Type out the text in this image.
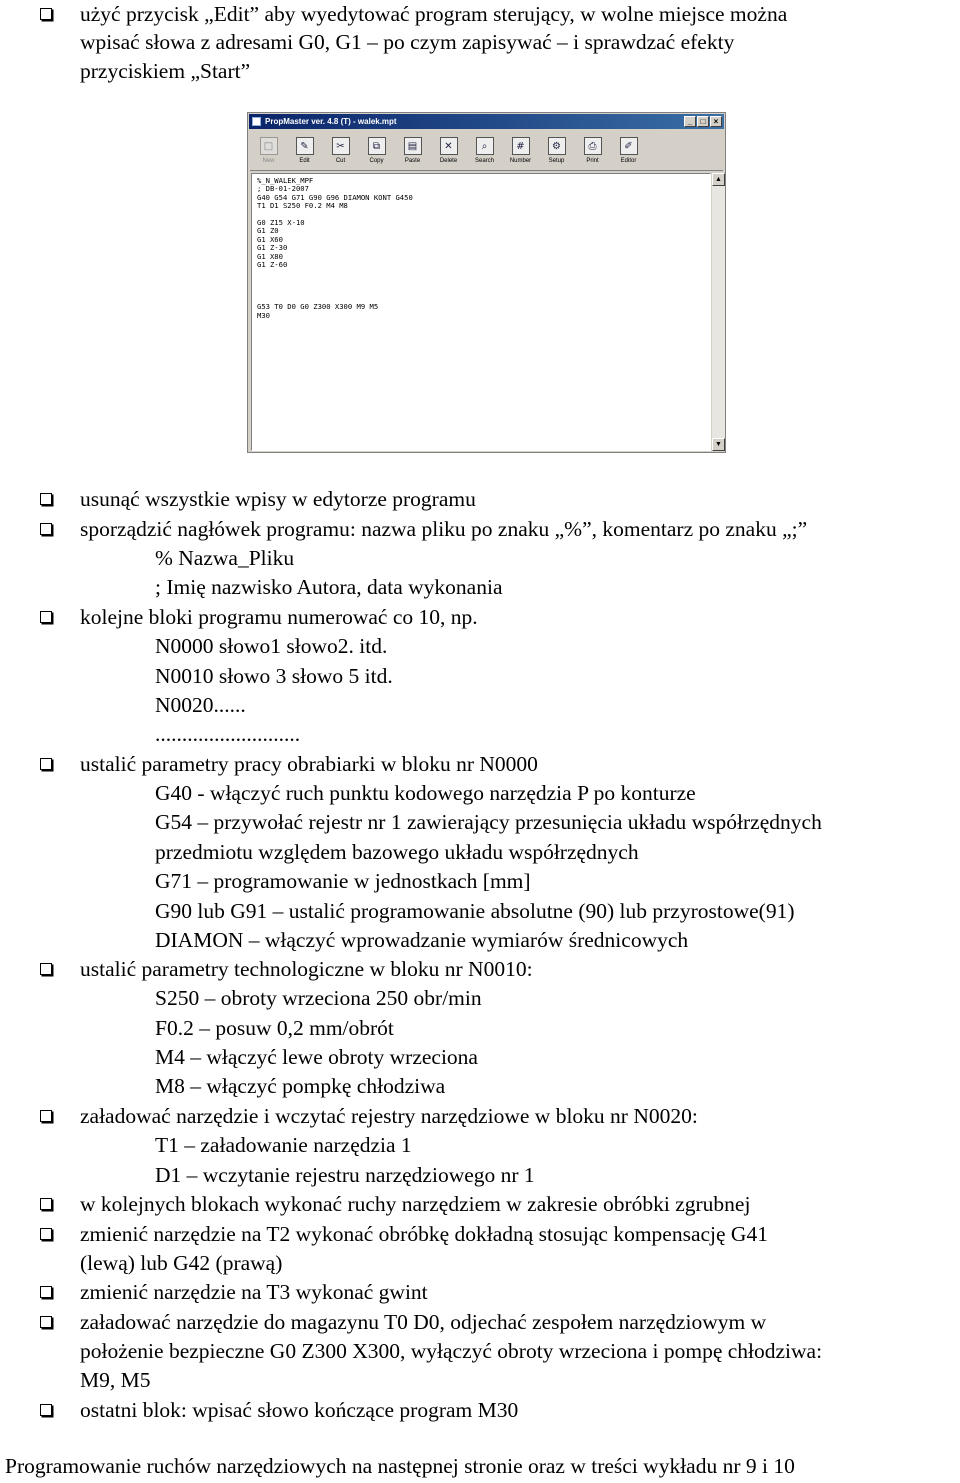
użyć przycisk „Edit” aby wyedytować program sterujący, w wolne miejsce można
wpisać słowa z adresami G0, G1 – po czym zapisywać – i sprawdzać efekty
przyciskiem „Start”
PropMaster ver. 4.8 (T) - walek.mpt	_	□	×
□
New
✎
Edit
✂
Cut
⧉
Copy
▤
Paste
✕
Delete
⌕
Search
#
Number
⚙
Setup
⎙
Print
✐
Editor
%_N_WALEK_MPF
; DB-01-2007
G40 G54 G71 G90 G96 DIAMON KONT G450
T1 D1 S250 F0.2 M4 M8

G0 Z15 X-10
G1 Z0
G1 X60
G1 Z-30
G1 X80
G1 Z-60

G53 T0 D0 G0 Z300 X300 M9 M5
M30
▲
▼
usunąć wszystkie wpisy w edytorze programu
sporządzić nagłówek programu: nazwa pliku po znaku „%”, komentarz po znaku „;”
% Nazwa_Pliku
; Imię nazwisko Autora, data wykonania
kolejne bloki programu numerować co 10, np.
N0000 słowo1 słowo2. itd.
N0010 słowo 3 słowo 5 itd.
N0020......
...........................
ustalić parametry pracy obrabiarki w bloku nr N0000
G40 - włączyć ruch punktu kodowego narzędzia P po konturze
G54 – przywołać rejestr nr 1 zawierający przesunięcia układu współrzędnych
przedmiotu względem bazowego układu współrzędnych
G71 – programowanie w jednostkach [mm]
G90 lub G91 – ustalić programowanie absolutne (90) lub przyrostowe(91)
DIAMON – włączyć wprowadzanie wymiarów średnicowych
ustalić parametry technologiczne w bloku nr N0010:
S250 – obroty wrzeciona 250 obr/min
F0.2 – posuw 0,2 mm/obrót
M4 – włączyć lewe obroty wrzeciona
M8 – włączyć pompkę chłodziwa
załadować narzędzie i wczytać rejestry narzędziowe w bloku nr N0020:
T1 – załadowanie narzędzia 1
D1 – wczytanie rejestru narzędziowego nr 1
w kolejnych blokach wykonać ruchy narzędziem w zakresie obróbki zgrubnej
zmienić narzędzie na T2 wykonać obróbkę dokładną stosując kompensację G41
(lewą) lub G42 (prawą)
zmienić narzędzie na T3 wykonać gwint
załadować narzędzie do magazynu T0 D0, odjechać zespołem narzędziowym w
położenie bezpieczne G0 Z300 X300, wyłączyć obroty wrzeciona i pompę chłodziwa:
M9, M5
ostatni blok: wpisać słowo kończące program M30
Programowanie ruchów narzędziowych na następnej stronie oraz w treści wykładu nr 9 i 10
